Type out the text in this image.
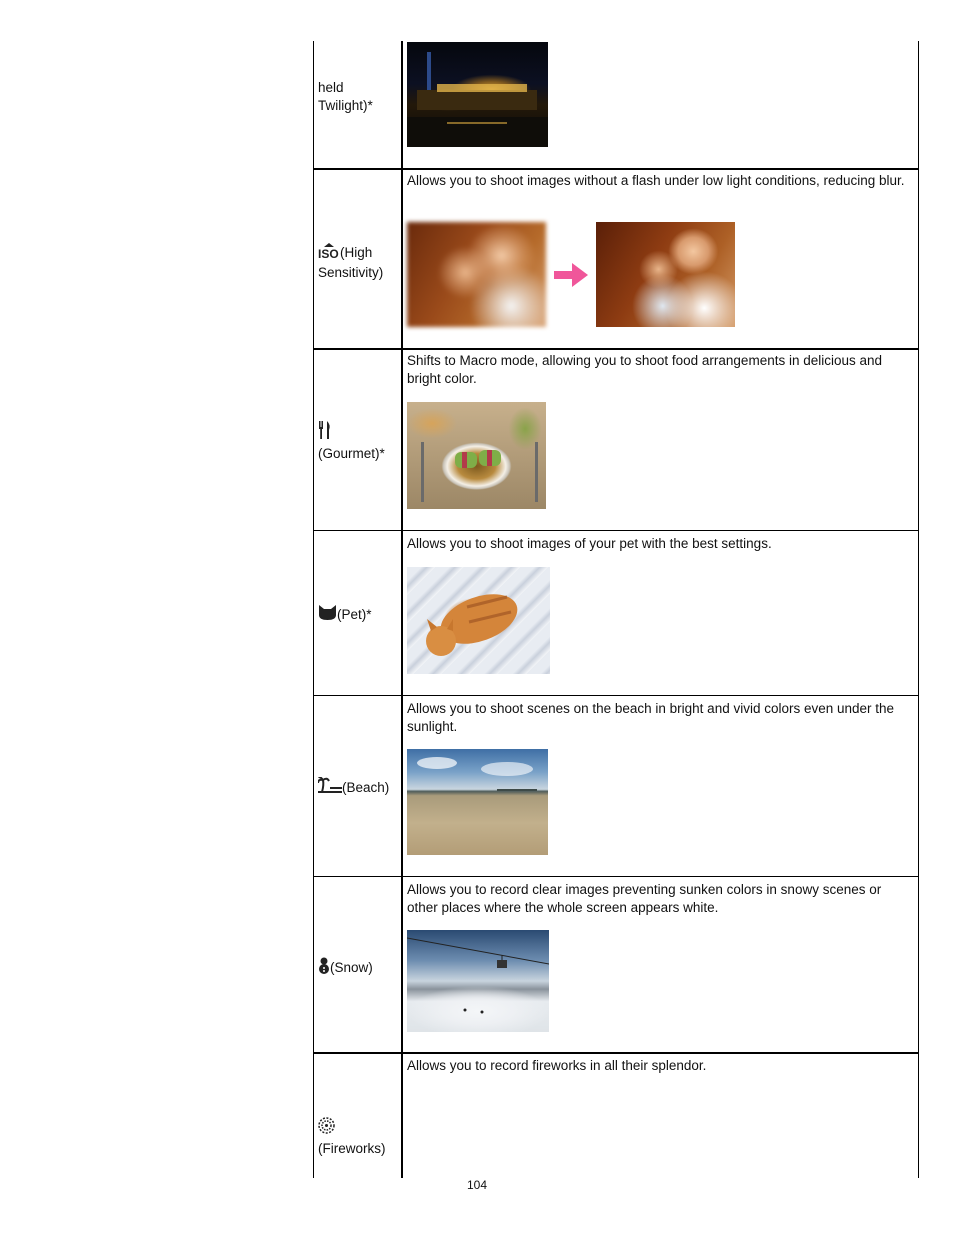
held Twilight)*
ISO (High Sensitivity)
Allows you to shoot images without a flash under low light conditions, reducing blur.
(Gourmet)*
Shifts to Macro mode, allowing you to shoot food arrangements in delicious and bright color.
(Pet)*
Allows you to shoot images of your pet with the best settings.
(Beach)
Allows you to shoot scenes on the beach in bright and vivid colors even under the sunlight.
(Snow)
Allows you to record clear images preventing sunken colors in snowy scenes or other places where the whole screen appears white.
(Fireworks)
Allows you to record fireworks in all their splendor.
104
